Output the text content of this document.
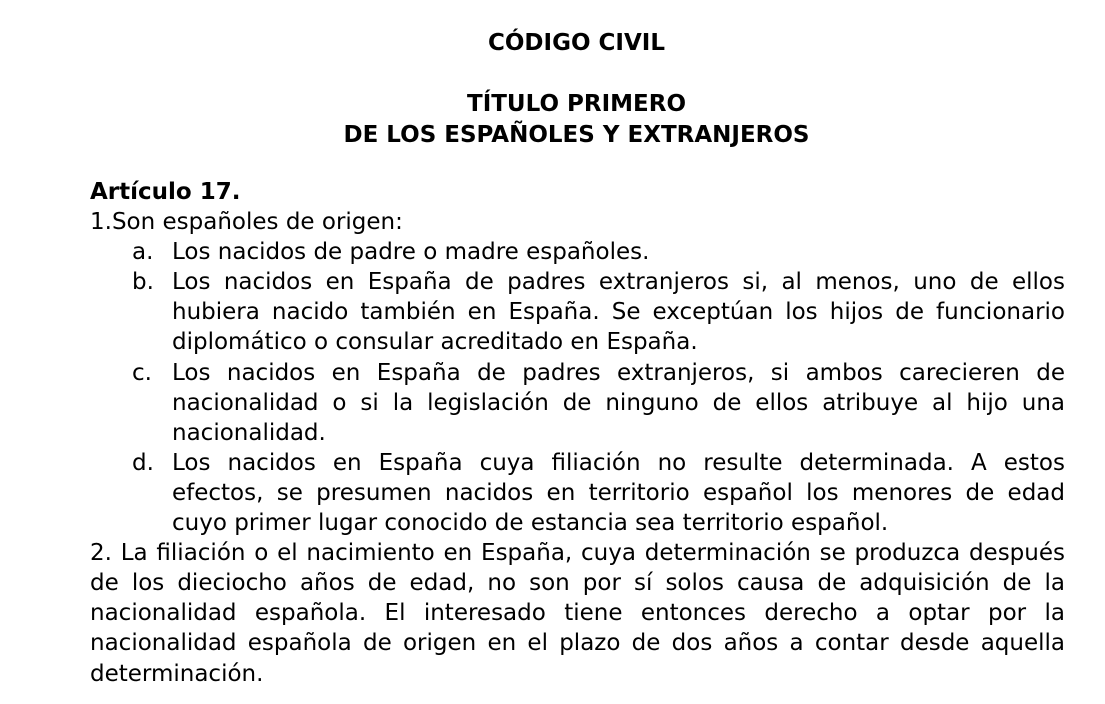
CÓDIGO CIVIL
TÍTULO PRIMERO
DE LOS ESPAÑOLES Y EXTRANJEROS

Artículo 17.

1.Son españoles de origen:

a. Los nacidos de padre o madre españoles.
b. Los nacidos en España de padres extranjeros si, al menos, uno de ellos hubiera nacido también en España. Se exceptúan los hijos de funcionario diplomático o consular acreditado en España.
c. Los nacidos en España de padres extranjeros, si ambos carecieren de nacionalidad o si la legislación de ninguno de ellos atribuye al hijo una nacionalidad.
d. Los nacidos en España cuya filiación no resulte determinada. A estos efectos, se presumen nacidos en territorio español los menores de edad cuyo primer lugar conocido de estancia sea territorio español.

2. La filiación o el nacimiento en España, cuya determinación se produzca después de los dieciocho años de edad, no son por sí solos causa de adquisición de la nacionalidad española. El interesado tiene entonces derecho a optar por la nacionalidad española de origen en el plazo de dos años a contar desde aquella determinación.
